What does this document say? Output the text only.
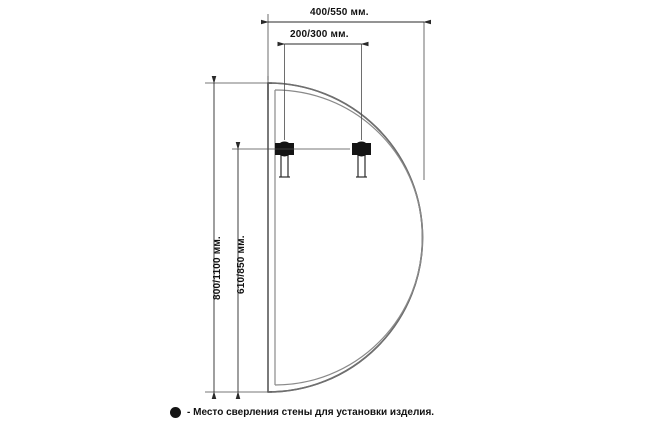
400/550 мм.
200/300 мм.
800/1100 мм. 610/850 мм.
- Место сверления стены для установки изделия.
